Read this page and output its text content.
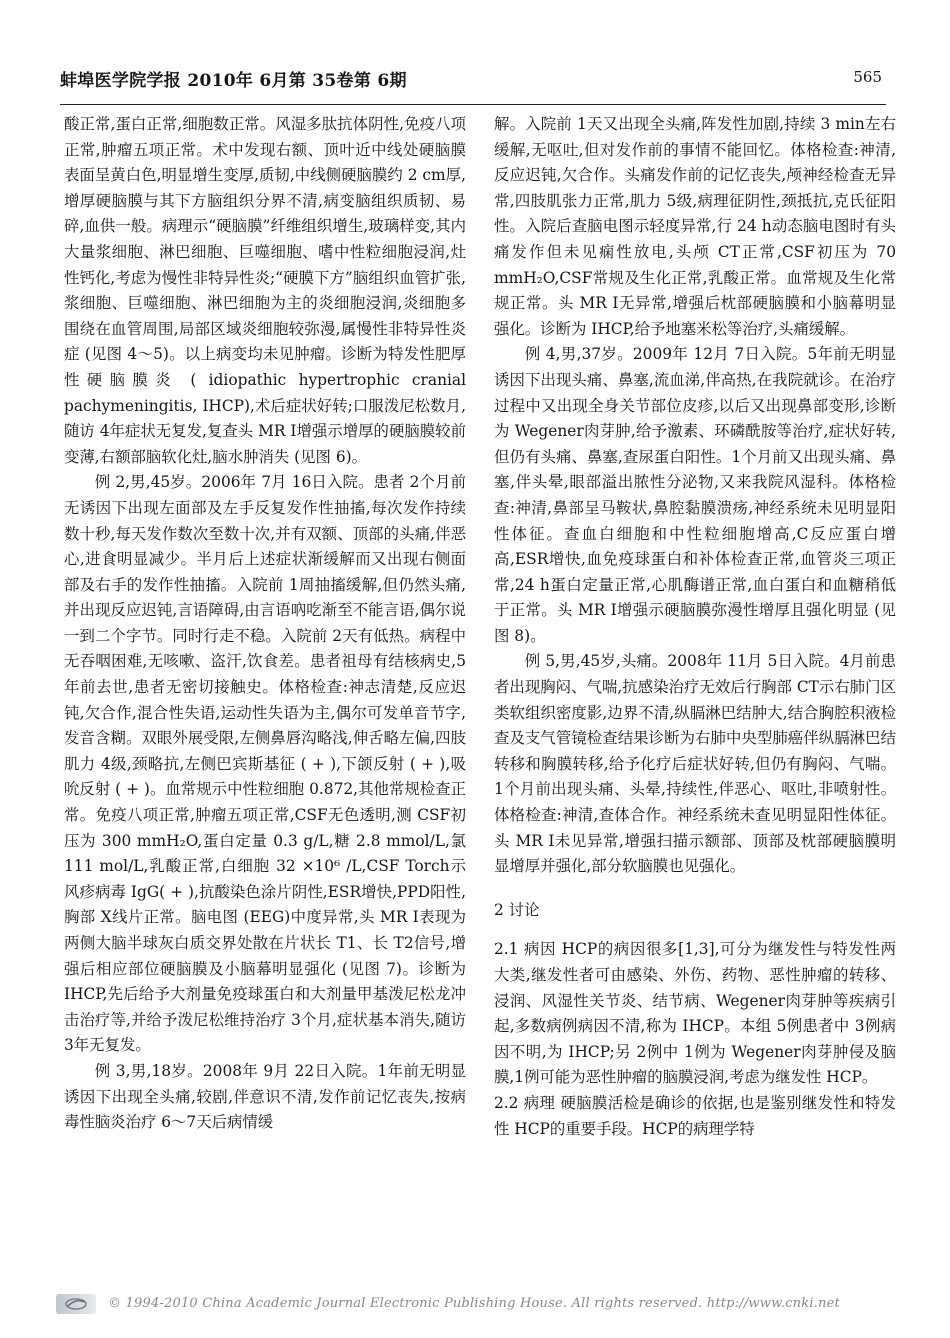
蚌埠医学院学报 2010年 6月第 35卷第 6期	565

酸正常,蛋白正常,细胞数正常。风湿多肽抗体阴性,免疫八项正常,肿瘤五项正常。术中发现右额、顶叶近中线处硬脑膜表面呈黄白色,明显增生变厚,质韧,中线侧硬脑膜约 2 cm厚,增厚硬脑膜与其下方脑组织分界不清,病变脑组织质韧、易碎,血供一般。病理示“硬脑膜”纤维组织增生,玻璃样变,其内大量浆细胞、淋巴细胞、巨噬细胞、嗜中性粒细胞浸润,灶性钙化,考虑为慢性非特异性炎;“硬膜下方”脑组织血管扩张,浆细胞、巨噬细胞、淋巴细胞为主的炎细胞浸润,炎细胞多围绕在血管周围,局部区域炎细胞较弥漫,属慢性非特异性炎症 (见图 4～5)。以上病变均未见肿瘤。诊断为特发性肥厚性硬脑膜炎 ( idiopathic hypertrophic cranial pachymeningitis, IHCP),术后症状好转;口服泼尼松数月,随访 4年症状无复发,复查头 MR I增强示增厚的硬脑膜较前变薄,右额部脑软化灶,脑水肿消失 (见图 6)。

例 2,男,45岁。2006年 7月 16日入院。患者 2个月前无诱因下出现左面部及左手反复发作性抽搐,每次发作持续数十秒,每天发作数次至数十次,并有双额、顶部的头痛,伴恶心,进食明显减少。半月后上述症状渐缓解而又出现右侧面部及右手的发作性抽搐。入院前 1周抽搐缓解,但仍然头痛,并出现反应迟钝,言语障碍,由言语吶吃渐至不能言语,偶尔说一到二个字节。同时行走不稳。入院前 2天有低热。病程中无吞咽困难,无咳嗽、盗汗,饮食差。患者祖母有结核病史,5年前去世,患者无密切接触史。体格检查:神志清楚,反应迟钝,欠合作,混合性失语,运动性失语为主,偶尔可发单音节字,发音含糊。双眼外展受限,左侧鼻唇沟略浅,伸舌略左偏,四肢肌力 4级,颈略抗,左侧巴宾斯基征 ( + ),下颌反射 ( + ),吸吮反射 ( + )。血常规示中性粒细胞 0.872,其他常规检查正常。免疫八项正常,肿瘤五项正常,CSF无色透明,测 CSF初压为 300 mmH₂O,蛋白定量 0.3 g/L,糖 2.8 mmol/L,氯 111 mol/L,乳酸正常,白细胞 32 ×10⁶ /L,CSF Torch示风疹病毒 IgG( + ),抗酸染色涂片阴性,ESR增快,PPD阳性,胸部 X线片正常。脑电图 (EEG)中度异常,头 MR I表现为两侧大脑半球灰白质交界处散在片状长 T1、长 T2信号,增强后相应部位硬脑膜及小脑幕明显强化 (见图 7)。诊断为 IHCP,先后给予大剂量免疫球蛋白和大剂量甲基泼尼松龙冲击治疗等,并给予泼尼松维持治疗 3个月,症状基本消失,随访 3年无复发。

例 3,男,18岁。2008年 9月 22日入院。1年前无明显诱因下出现全头痛,较剧,伴意识不清,发作前记忆丧失,按病毒性脑炎治疗 6～7天后病情缓

解。入院前 1天又出现全头痛,阵发性加剧,持续 3 min左右缓解,无呕吐,但对发作前的事情不能回忆。体格检查:神清,反应迟钝,欠合作。头痛发作前的记忆丧失,颅神经检查无异常,四肢肌张力正常,肌力 5级,病理征阴性,颈抵抗,克氏征阳性。入院后查脑电图示轻度异常,行 24 h动态脑电图时有头痛发作但未见痫性放电,头颅 CT正常,CSF初压为 70 mmH₂O,CSF常规及生化正常,乳酸正常。血常规及生化常规正常。头 MR I无异常,增强后枕部硬脑膜和小脑幕明显强化。诊断为 IHCP,给予地塞米松等治疗,头痛缓解。

例 4,男,37岁。2009年 12月 7日入院。5年前无明显诱因下出现头痛、鼻塞,流血涕,伴高热,在我院就诊。在治疗过程中又出现全身关节部位皮疹,以后又出现鼻部变形,诊断为 Wegener肉芽肿,给予激素、环磷酰胺等治疗,症状好转,但仍有头痛、鼻塞,查尿蛋白阳性。1个月前又出现头痛、鼻塞,伴头晕,眼部溢出脓性分泌物,又来我院风湿科。体格检查:神清,鼻部呈马鞍状,鼻腔黏膜溃疡,神经系统未见明显阳性体征。查血白细胞和中性粒细胞增高,C反应蛋白增高,ESR增快,血免疫球蛋白和补体检查正常,血管炎三项正常,24 h蛋白定量正常,心肌酶谱正常,血白蛋白和血糖稍低于正常。头 MR I增强示硬脑膜弥漫性增厚且强化明显 (见图 8)。

例 5,男,45岁,头痛。2008年 11月 5日入院。4月前患者出现胸闷、气喘,抗感染治疗无效后行胸部 CT示右肺门区类软组织密度影,边界不清,纵膈淋巴结肿大,结合胸腔积液检查及支气管镜检查结果诊断为右肺中央型肺癌伴纵膈淋巴结转移和胸膜转移,给予化疗后症状好转,但仍有胸闷、气喘。1个月前出现头痛、头晕,持续性,伴恶心、呕吐,非喷射性。体格检查:神清,查体合作。神经系统未查见明显阳性体征。头 MR I未见异常,增强扫描示额部、顶部及枕部硬脑膜明显增厚并强化,部分软脑膜也见强化。

2 讨论

2.1 病因 HCP的病因很多[1,3],可分为继发性与特发性两大类,继发性者可由感染、外伤、药物、恶性肿瘤的转移、浸润、风湿性关节炎、结节病、Wegener肉芽肿等疾病引起,多数病例病因不清,称为 IHCP。本组 5例患者中 3例病因不明,为 IHCP;另 2例中 1例为 Wegener肉芽肿侵及脑膜,1例可能为恶性肿瘤的脑膜浸润,考虑为继发性 HCP。

2.2 病理 硬脑膜活检是确诊的依据,也是鉴别继发性和特发性 HCP的重要手段。HCP的病理学特

© 1994-2010 China Academic Journal Electronic Publishing House. All rights reserved. http://www.cnki.net
